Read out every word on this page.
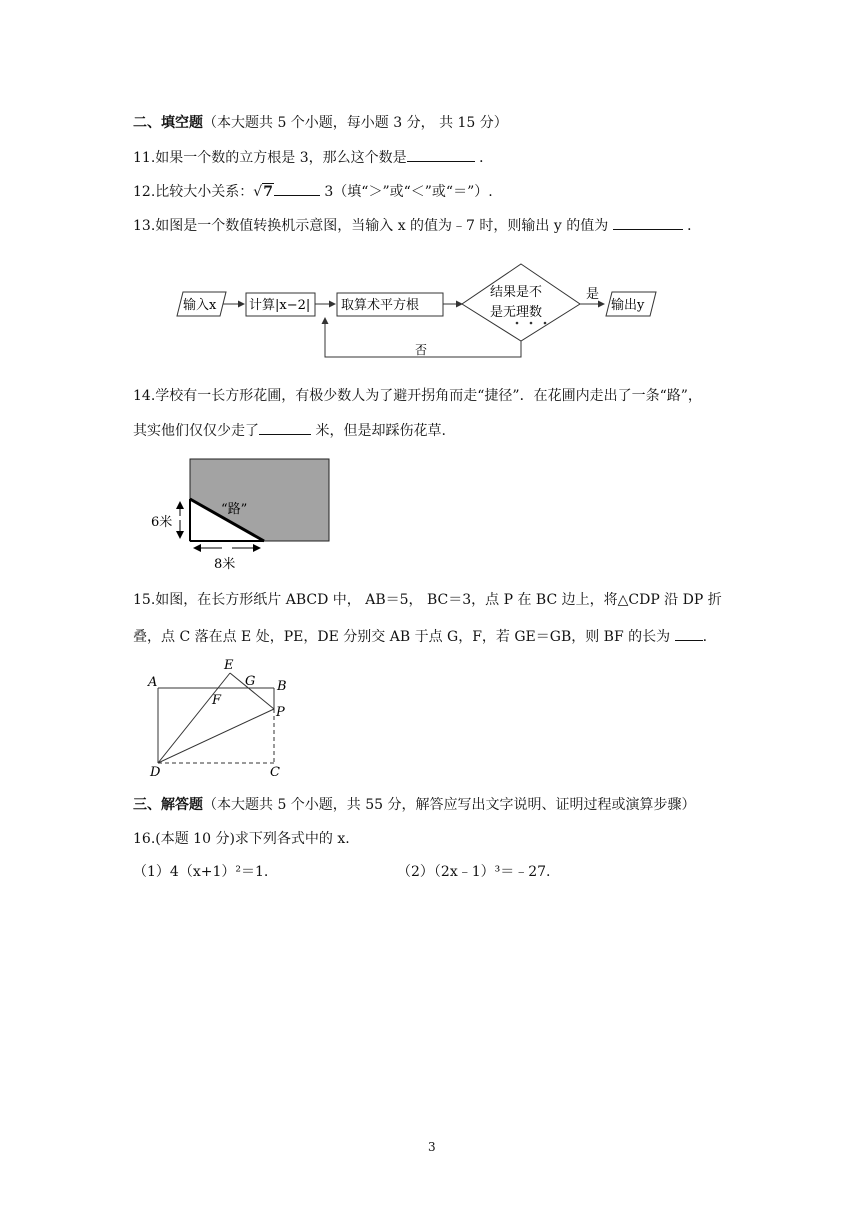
二、填空题（本大题共 5 个小题，每小题 3 分， 共 15 分）
11.如果一个数的立方根是 3，那么这个数是	．
12.比较大小关系：√7	3（填“＞”或“＜”或“＝”）.
13.如图是一个数值转换机示意图，当输入 x 的值为﹣7 时，则输出 y 的值为	．
输入x	计算|x−2| 取算术平方根
结果是不
是无理数
是
输出y
否
14.学校有一长方形花圃，有极少数人为了避开拐角而走“捷径”．在花圃内走出了一条“路”，
其实他们仅仅少走了	米，但是却踩伤花草.
6米
8米
“路”
15.如图，在长方形纸片 ABCD 中， AB＝5， BC＝3，点 P 在 BC 边上，将△CDP 沿 DP 折
叠，点 C 落在点 E 处，PE，DE 分别交 AB 于点 G，F，若 GE＝GB，则 BF 的长为 .
A	B
C
D
E
F
G
P
三、解答题（本大题共 5 个小题，共 55 分，解答应写出文字说明、证明过程或演算步骤）
16.(本题 10 分)求下列各式中的 x.
（1）4（x+1）²＝1.	（2）（2x﹣1）³＝﹣27.
3
